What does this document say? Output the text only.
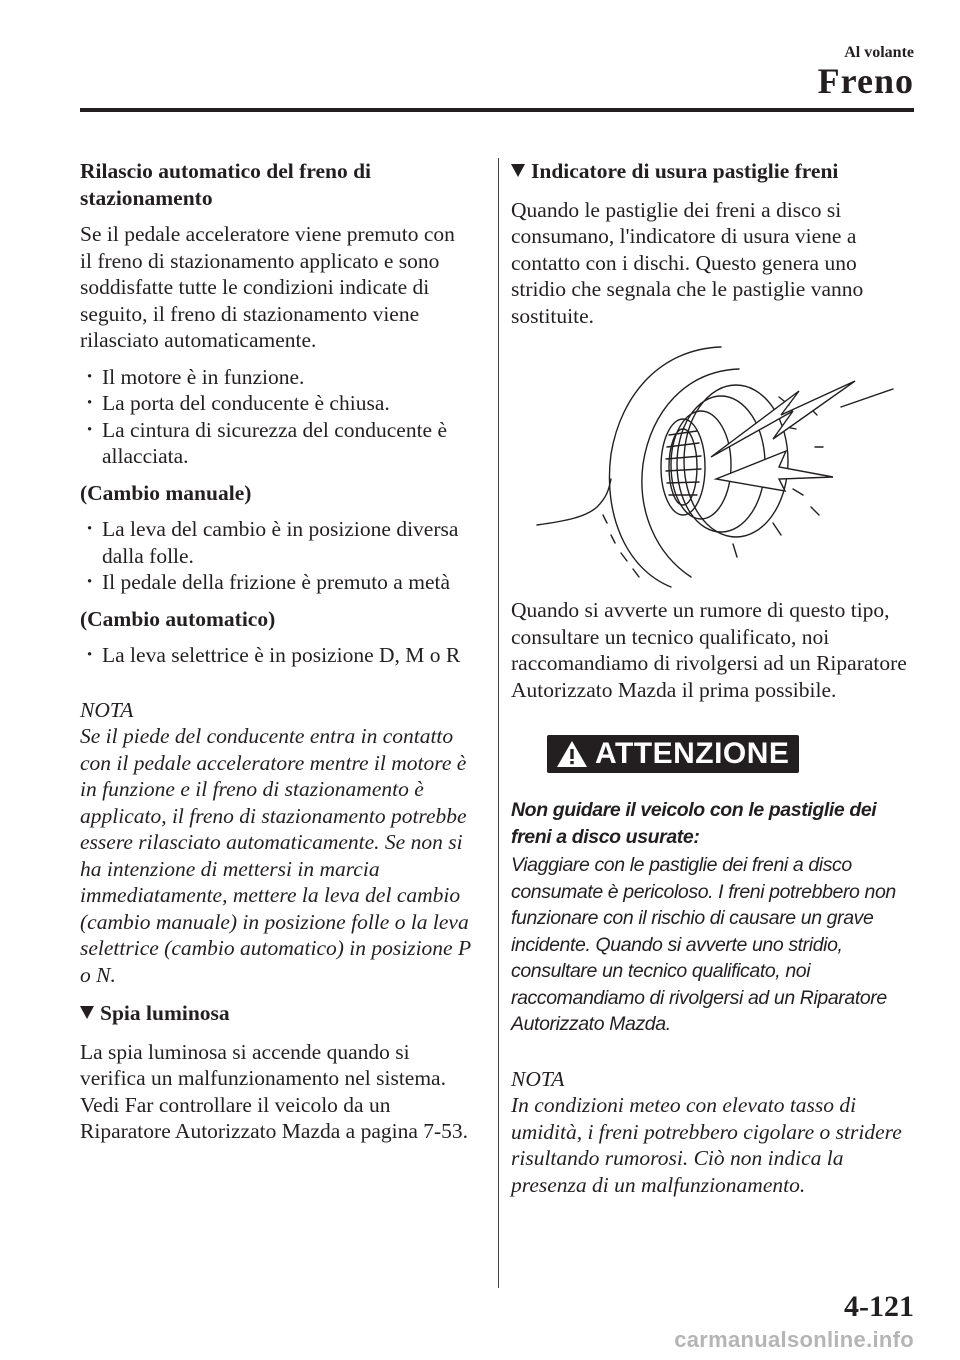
Al volante
Freno

Rilascio automatico del freno di stazionamento

Se il pedale acceleratore viene premuto con il freno di stazionamento applicato e sono soddisfatte tutte le condizioni indicate di seguito, il freno di stazionamento viene rilasciato automaticamente.

· Il motore è in funzione.
· La porta del conducente è chiusa.
· La cintura di sicurezza del conducente è allacciata.

(Cambio manuale)

· La leva del cambio è in posizione diversa dalla folle.
· Il pedale della frizione è premuto a metà

(Cambio automatico)

· La leva selettrice è in posizione D, M o R

NOTA

Se il piede del conducente entra in contatto con il pedale acceleratore mentre il motore è in funzione e il freno di stazionamento è applicato, il freno di stazionamento potrebbe essere rilasciato automaticamente. Se non si ha intenzione di mettersi in marcia immediatamente, mettere la leva del cambio (cambio manuale) in posizione folle o la leva selettrice (cambio automatico) in posizione P o N.

Spia luminosa

La spia luminosa si accende quando si verifica un malfunzionamento nel sistema. Vedi Far controllare il veicolo da un Riparatore Autorizzato Mazda a pagina 7-53.

Indicatore di usura pastiglie freni

Quando le pastiglie dei freni a disco si consumano, l'indicatore di usura viene a contatto con i dischi. Questo genera uno stridio che segnala che le pastiglie vanno sostituite.

Quando si avverte un rumore di questo tipo, consultare un tecnico qualificato, noi raccomandiamo di rivolgersi ad un Riparatore Autorizzato Mazda il prima possibile.

ATTENZIONE

Non guidare il veicolo con le pastiglie dei freni a disco usurate:

Viaggiare con le pastiglie dei freni a disco consumate è pericoloso. I freni potrebbero non funzionare con il rischio di causare un grave incidente. Quando si avverte uno stridio, consultare un tecnico qualificato, noi raccomandiamo di rivolgersi ad un Riparatore Autorizzato Mazda.

NOTA

In condizioni meteo con elevato tasso di umidità, i freni potrebbero cigolare o stridere risultando rumorosi. Ciò non indica la presenza di un malfunzionamento.

4-121
carmanualsonline.info
